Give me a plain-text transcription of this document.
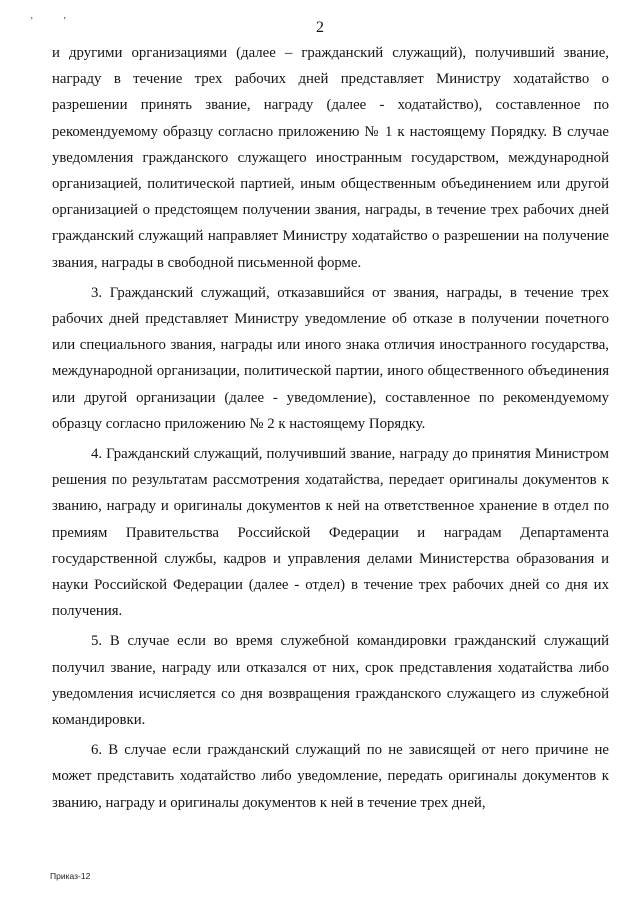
’	’	2

и другими организациями (далее – гражданский служащий), получивший звание, награду в течение трех рабочих дней представляет Министру ходатайство о разрешении принять звание, награду (далее - ходатайство), составленное по рекомендуемому образцу согласно приложению № 1 к настоящему Порядку. В случае уведомления гражданского служащего иностранным государством, международной организацией, политической партией, иным общественным объединением или другой организацией о предстоящем получении звания, награды, в течение трех рабочих дней гражданский служащий направляет Министру ходатайство о разрешении на получение звания, награды в свободной письменной форме.

3. Гражданский служащий, отказавшийся от звания, награды, в течение трех рабочих дней представляет Министру уведомление об отказе в получении почетного или специального звания, награды или иного знака отличия иностранного государства, международной организации, политической партии, иного общественного объединения или другой организации (далее - уведомление), составленное по рекомендуемому образцу согласно приложению № 2 к настоящему Порядку.

4. Гражданский служащий, получивший звание, награду до принятия Министром решения по результатам рассмотрения ходатайства, передает оригиналы документов к званию, награду и оригиналы документов к ней на ответственное хранение в отдел по премиям Правительства Российской Федерации и наградам Департамента государственной службы, кадров и управления делами Министерства образования и науки Российской Федерации (далее - отдел) в течение трех рабочих дней со дня их получения.

5. В случае если во время служебной командировки гражданский служащий получил звание, награду или отказался от них, срок представления ходатайства либо уведомления исчисляется со дня возвращения гражданского служащего из служебной командировки.

6. В случае если гражданский служащий по не зависящей от него причине не может представить ходатайство либо уведомление, передать оригиналы документов к званию, награду и оригиналы документов к ней в течение трех дней,

Приказ-12
